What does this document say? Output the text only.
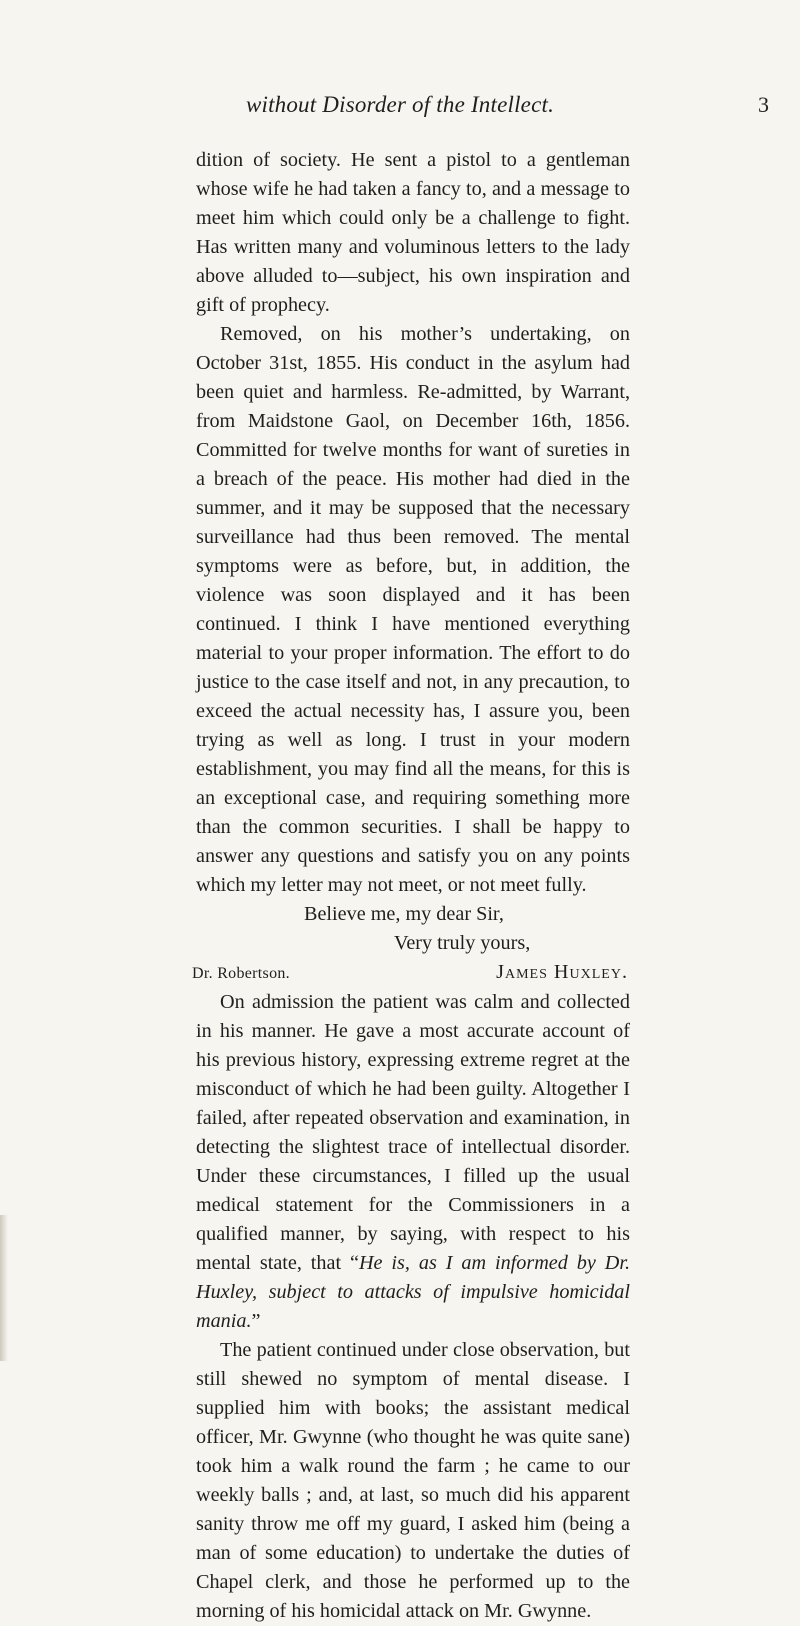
without Disorder of the Intellect.	3

dition of society. He sent a pistol to a gentleman whose wife he had taken a fancy to, and a message to meet him which could only be a challenge to fight. Has written many and voluminous letters to the lady above alluded to—subject, his own inspiration and gift of prophecy.

Removed, on his mother’s undertaking, on October 31st, 1855. His conduct in the asylum had been quiet and harmless. Re-admitted, by Warrant, from Maidstone Gaol, on December 16th, 1856. Committed for twelve months for want of sureties in a breach of the peace. His mother had died in the summer, and it may be supposed that the necessary surveillance had thus been removed. The mental symptoms were as before, but, in addition, the violence was soon displayed and it has been continued. I think I have mentioned everything material to your proper information. The effort to do justice to the case itself and not, in any precaution, to exceed the actual necessity has, I assure you, been trying as well as long. I trust in your modern establishment, you may find all the means, for this is an exceptional case, and requiring something more than the common securities. I shall be happy to answer any questions and satisfy you on any points which my letter may not meet, or not meet fully.

Believe me, my dear Sir,

Very truly yours,

Dr. Robertson.	James Huxley.

On admission the patient was calm and collected in his manner. He gave a most accurate account of his previous history, expressing extreme regret at the misconduct of which he had been guilty. Altogether I failed, after repeated observation and examination, in detecting the slightest trace of intellectual disorder. Under these circumstances, I filled up the usual medical statement for the Commissioners in a qualified manner, by saying, with respect to his mental state, that “He is, as I am informed by Dr. Huxley, subject to attacks of impulsive homicidal mania.”

The patient continued under close observation, but still shewed no symptom of mental disease. I supplied him with books; the assistant medical officer, Mr. Gwynne (who thought he was quite sane) took him a walk round the farm ; he came to our weekly balls ; and, at last, so much did his apparent sanity throw me off my guard, I asked him (being a man of some education) to undertake the duties of Chapel clerk, and those he performed up to the morning of his homicidal attack on Mr. Gwynne.
